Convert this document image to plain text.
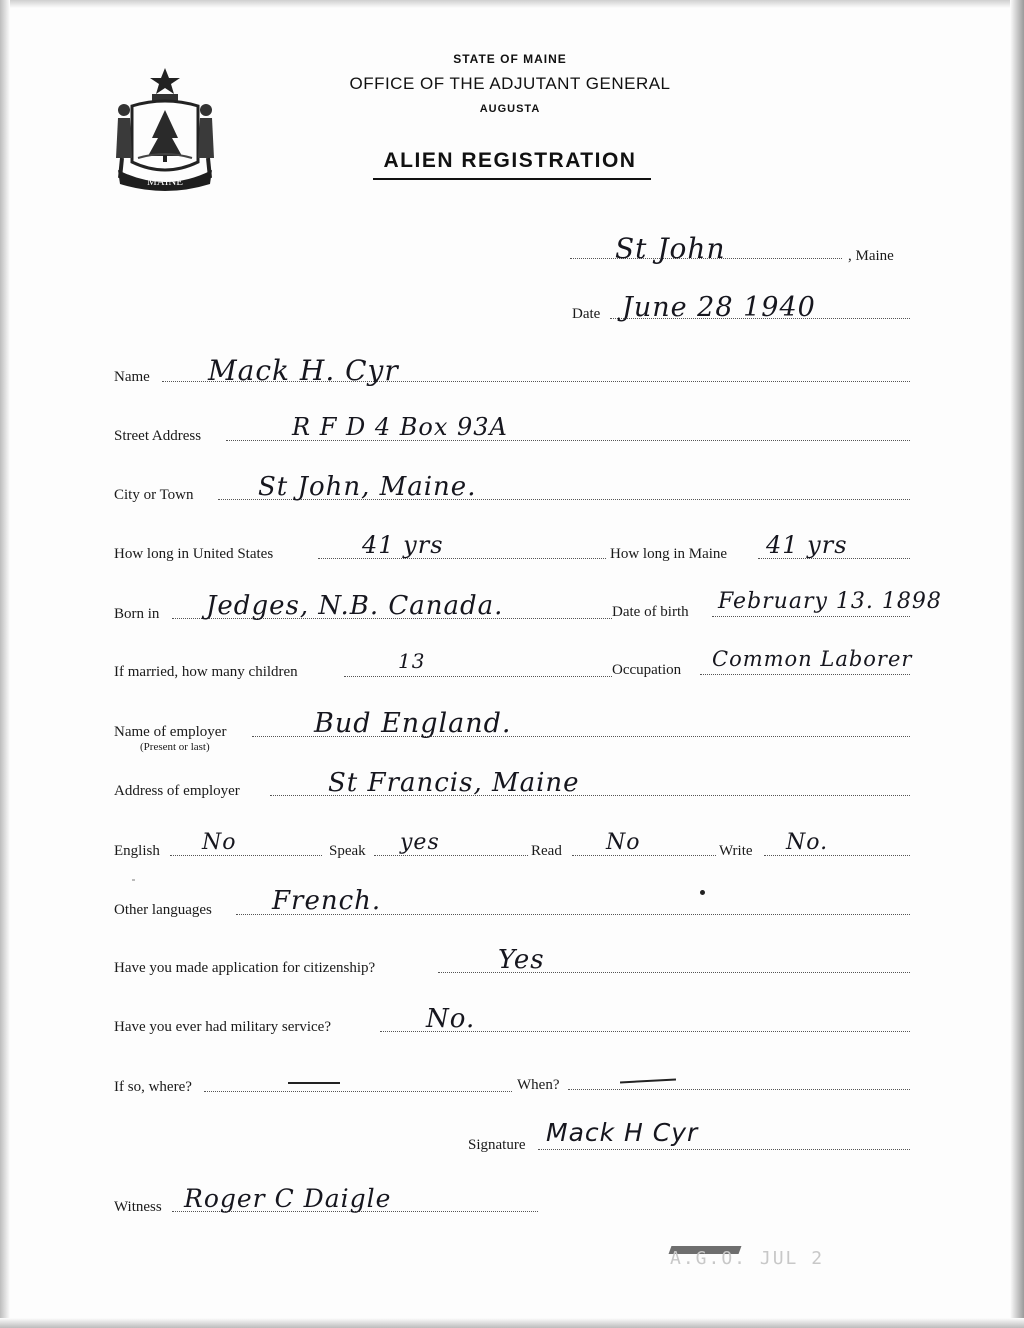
MAINE
STATE OF MAINE
OFFICE OF THE ADJUTANT GENERAL
AUGUSTA
ALIEN REGISTRATION
St John	, Maine
Date June 28 1940
Name Mack H. Cyr
Street Address	R F D 4 Box 93A
City or Town St John, Maine.
How long in United States	41 yrs	How long in Maine 41 yrs
Born in Jedges, N.B. Canada.	Date of birth February 13. 1898
If married, how many children	13	Occupation Common Laborer
Name of employer
(Present or last)
Bud England.
Address of employer	St Francis, Maine
English No	Speak yes	Read No	Write No.
Other languages French.
Have you made application for citizenship?	Yes
Have you ever had military service?	No.
If so, where?	When?
Signature Mack H Cyr
Witness Roger C Daigle
A.G.O. JUL 2
